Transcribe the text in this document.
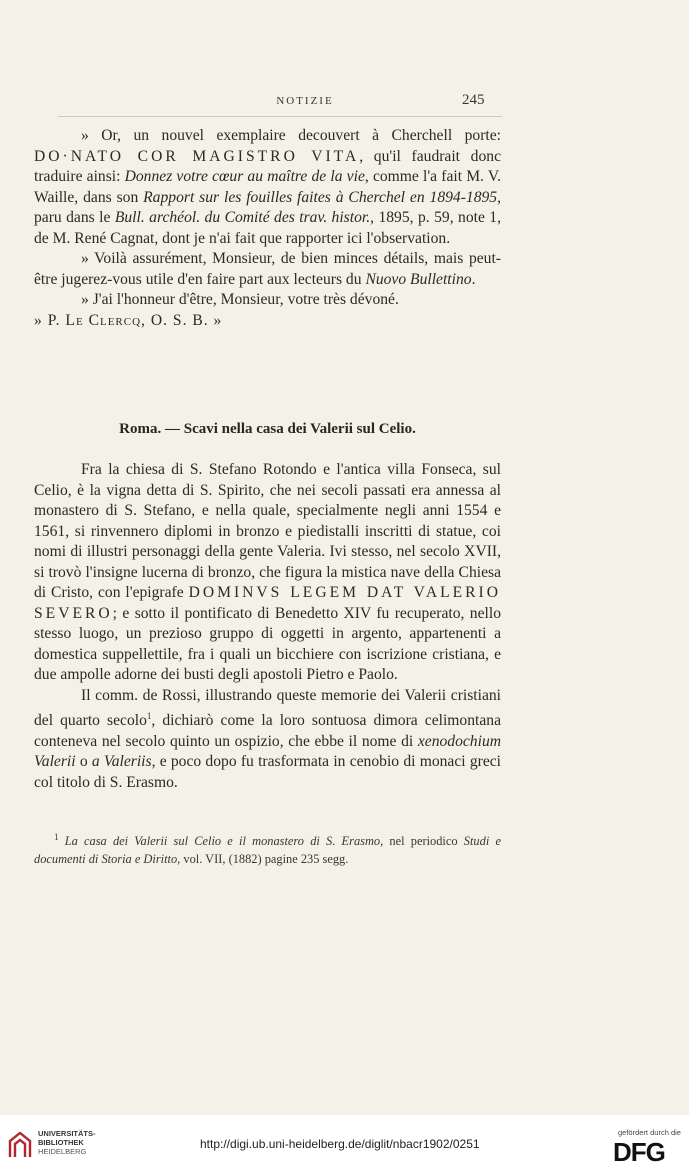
NOTIZIE	245

» Or, un nouvel exemplaire decouvert à Cherchell porte: DO·NATO COR MAGISTRO VITA, qu'il faudrait donc traduire ainsi: Donnez votre cœur au maître de la vie, comme l'a fait M. V. Waille, dans son Rapport sur les fouilles faites à Cherchel en 1894-1895, paru dans le Bull. archéol. du Comité des trav. histor., 1895, p. 59, note 1, de M. René Cagnat, dont je n'ai fait que rapporter ici l'observation.

» Voilà assurément, Monsieur, de bien minces détails, mais peut-être jugerez-vous utile d'en faire part aux lecteurs du Nuovo Bullettino.

» J'ai l'honneur d'être, Monsieur, votre très dévoné.

» P. Le Clercq, O. S. B. »

Roma. — Scavi nella casa dei Valerii sul Celio.

Fra la chiesa di S. Stefano Rotondo e l'antica villa Fonseca, sul Celio, è la vigna detta di S. Spirito, che nei secoli passati era annessa al monastero di S. Stefano, e nella quale, specialmente negli anni 1554 e 1561, si rinvennero diplomi in bronzo e piedistalli inscritti di statue, coi nomi di illustri personaggi della gente Valeria. Ivi stesso, nel secolo XVII, si trovò l'insigne lucerna di bronzo, che figura la mistica nave della Chiesa di Cristo, con l'epigrafe DOMINVS LEGEM DAT VALERIO SEVERO; e sotto il pontificato di Benedetto XIV fu recuperato, nello stesso luogo, un prezioso gruppo di oggetti in argento, appartenenti a domestica suppellettile, fra i quali un bicchiere con iscrizione cristiana, e due ampolle adorne dei busti degli apostoli Pietro e Paolo.

Il comm. de Rossi, illustrando queste memorie dei Valerii cristiani del quarto secolo$^1$, dichiarò come la loro sontuosa dimora celimontana conteneva nel secolo quinto un ospizio, che ebbe il nome di xenodochium Valerii o a Valeriis, e poco dopo fu trasformata in cenobio di monaci greci col titolo di S. Erasmo.

$^1$ La casa dei Valerii sul Celio e il monastero di S. Erasmo, nel periodico Studi e documenti di Storia e Diritto, vol. VII, (1882) pagine 235 segg.

UNIVERSITÄTS-
BIBLIOTHEK
HEIDELBERG
http://digi.ub.uni-heidelberg.de/diglit/nbacr1902/0251
gefördert durch die
DFG
